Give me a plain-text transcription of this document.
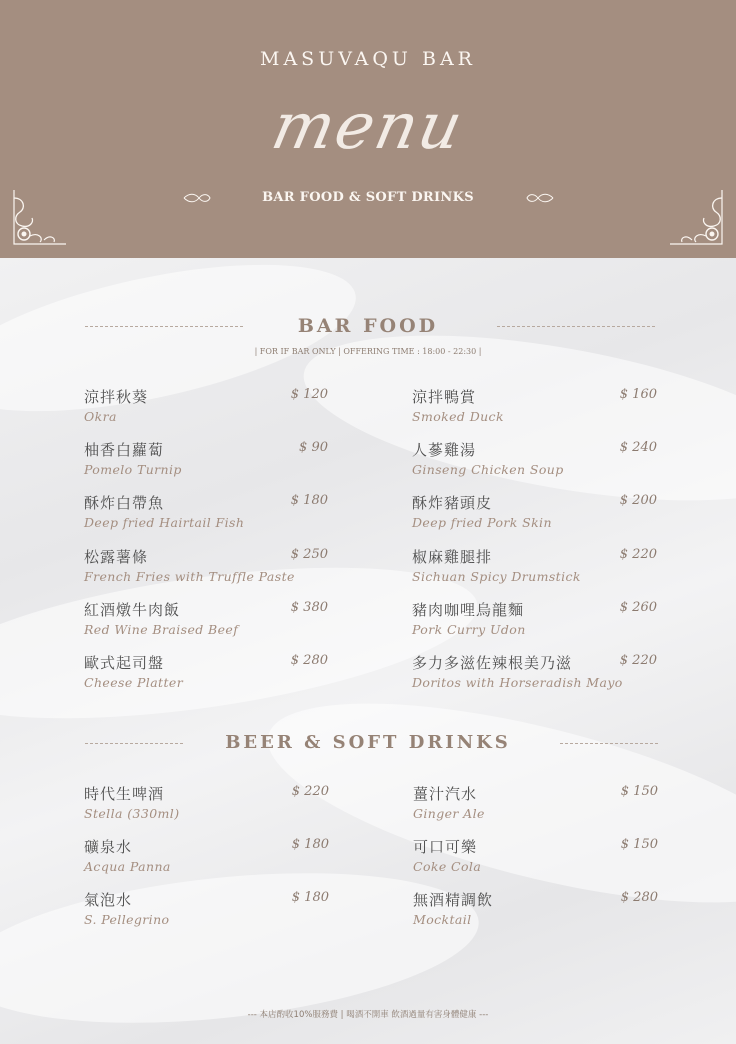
MASUVAQU BAR
menu
BAR FOOD & SOFT DRINKS
BAR FOOD
| FOR IF BAR ONLY | OFFERING TIME : 18:00 - 22:30 |
涼拌秋葵
Okra
$ 120
柚香白蘿蔔
Pomelo Turnip
$ 90
酥炸白帶魚
Deep fried Hairtail Fish
$ 180
松露薯條
French Fries with Truffle Paste
$ 250
紅酒燉牛肉飯
Red Wine Braised Beef
$ 380
歐式起司盤
Cheese Platter
$ 280
涼拌鴨賞
Smoked Duck
$ 160
人蔘雞湯
Ginseng Chicken Soup
$ 240
酥炸豬頭皮
Deep fried Pork Skin
$ 200
椒麻雞腿排
Sichuan Spicy Drumstick
$ 220
豬肉咖哩烏龍麵
Pork Curry Udon
$ 260
多力多滋佐辣根美乃滋
Doritos with Horseradish Mayo
$ 220
BEER & SOFT DRINKS
時代生啤酒
Stella (330ml)
$ 220
礦泉水
Acqua Panna
$ 180
氣泡水
S. Pellegrino
$ 180
薑汁汽水
Ginger Ale
$ 150
可口可樂
Coke Cola
$ 150
無酒精調飲
Mocktail
$ 280
--- 本店酌收10%服務費 | 喝酒不開車 飲酒過量有害身體健康 ---
